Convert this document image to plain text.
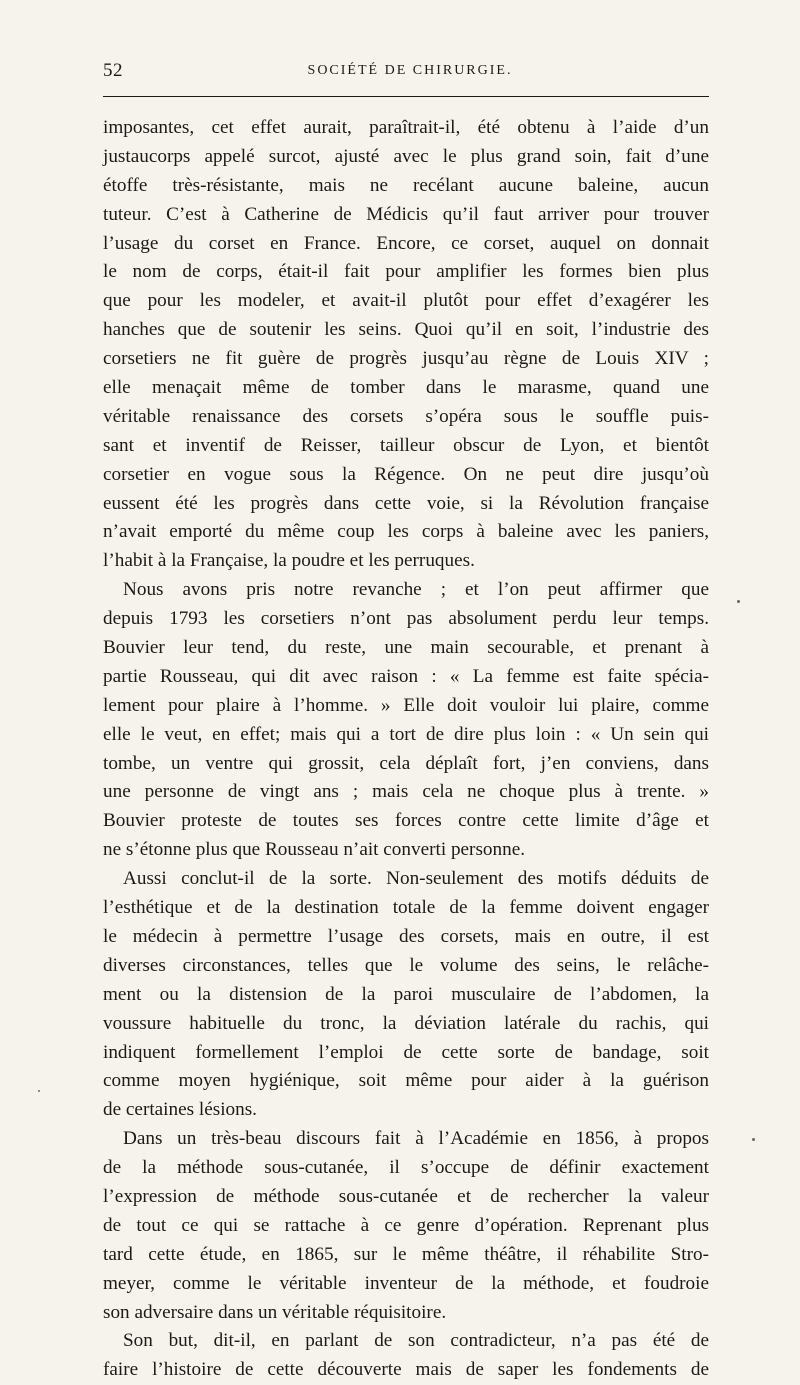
52	SOCIÉTÉ DE CHIRURGIE.
imposantes, cet effet aurait, paraîtrait-il, été obtenu à l’aide d’un
justaucorps appelé surcot, ajusté avec le plus grand soin, fait d’une
étoffe très-résistante, mais ne recélant aucune baleine, aucun
tuteur. C’est à Catherine de Médicis qu’il faut arriver pour trouver
l’usage du corset en France. Encore, ce corset, auquel on donnait
le nom de corps, était-il fait pour amplifier les formes bien plus
que pour les modeler, et avait-il plutôt pour effet d’exagérer les
hanches que de soutenir les seins. Quoi qu’il en soit, l’industrie des
corsetiers ne fit guère de progrès jusqu’au règne de Louis XIV ;
elle menaçait même de tomber dans le marasme, quand une
véritable renaissance des corsets s’opéra sous le souffle puis-
sant et inventif de Reisser, tailleur obscur de Lyon, et bientôt
corsetier en vogue sous la Régence. On ne peut dire jusqu’où
eussent été les progrès dans cette voie, si la Révolution française
n’avait emporté du même coup les corps à baleine avec les paniers,
l’habit à la Française, la poudre et les perruques.
Nous avons pris notre revanche ; et l’on peut affirmer que
depuis 1793 les corsetiers n’ont pas absolument perdu leur temps.
Bouvier leur tend, du reste, une main secourable, et prenant à
partie Rousseau, qui dit avec raison : « La femme est faite spécia-
lement pour plaire à l’homme. » Elle doit vouloir lui plaire, comme
elle le veut, en effet; mais qui a tort de dire plus loin : « Un sein qui
tombe, un ventre qui grossit, cela déplaît fort, j’en conviens, dans
une personne de vingt ans ; mais cela ne choque plus à trente. »
Bouvier proteste de toutes ses forces contre cette limite d’âge et
ne s’étonne plus que Rousseau n’ait converti personne.
Aussi conclut-il de la sorte. Non-seulement des motifs déduits de
l’esthétique et de la destination totale de la femme doivent engager
le médecin à permettre l’usage des corsets, mais en outre, il est
diverses circonstances, telles que le volume des seins, le relâche-
ment ou la distension de la paroi musculaire de l’abdomen, la
voussure habituelle du tronc, la déviation latérale du rachis, qui
indiquent formellement l’emploi de cette sorte de bandage, soit
comme moyen hygiénique, soit même pour aider à la guérison
de certaines lésions.
Dans un très-beau discours fait à l’Académie en 1856, à propos
de la méthode sous-cutanée, il s’occupe de définir exactement
l’expression de méthode sous-cutanée et de rechercher la valeur
de tout ce qui se rattache à ce genre d’opération. Reprenant plus
tard cette étude, en 1865, sur le même théâtre, il réhabilite Stro-
meyer, comme le véritable inventeur de la méthode, et foudroie
son adversaire dans un véritable réquisitoire.
Son but, dit-il, en parlant de son contradicteur, n’a pas été de
faire l’histoire de cette découverte mais de saper les fondements de
